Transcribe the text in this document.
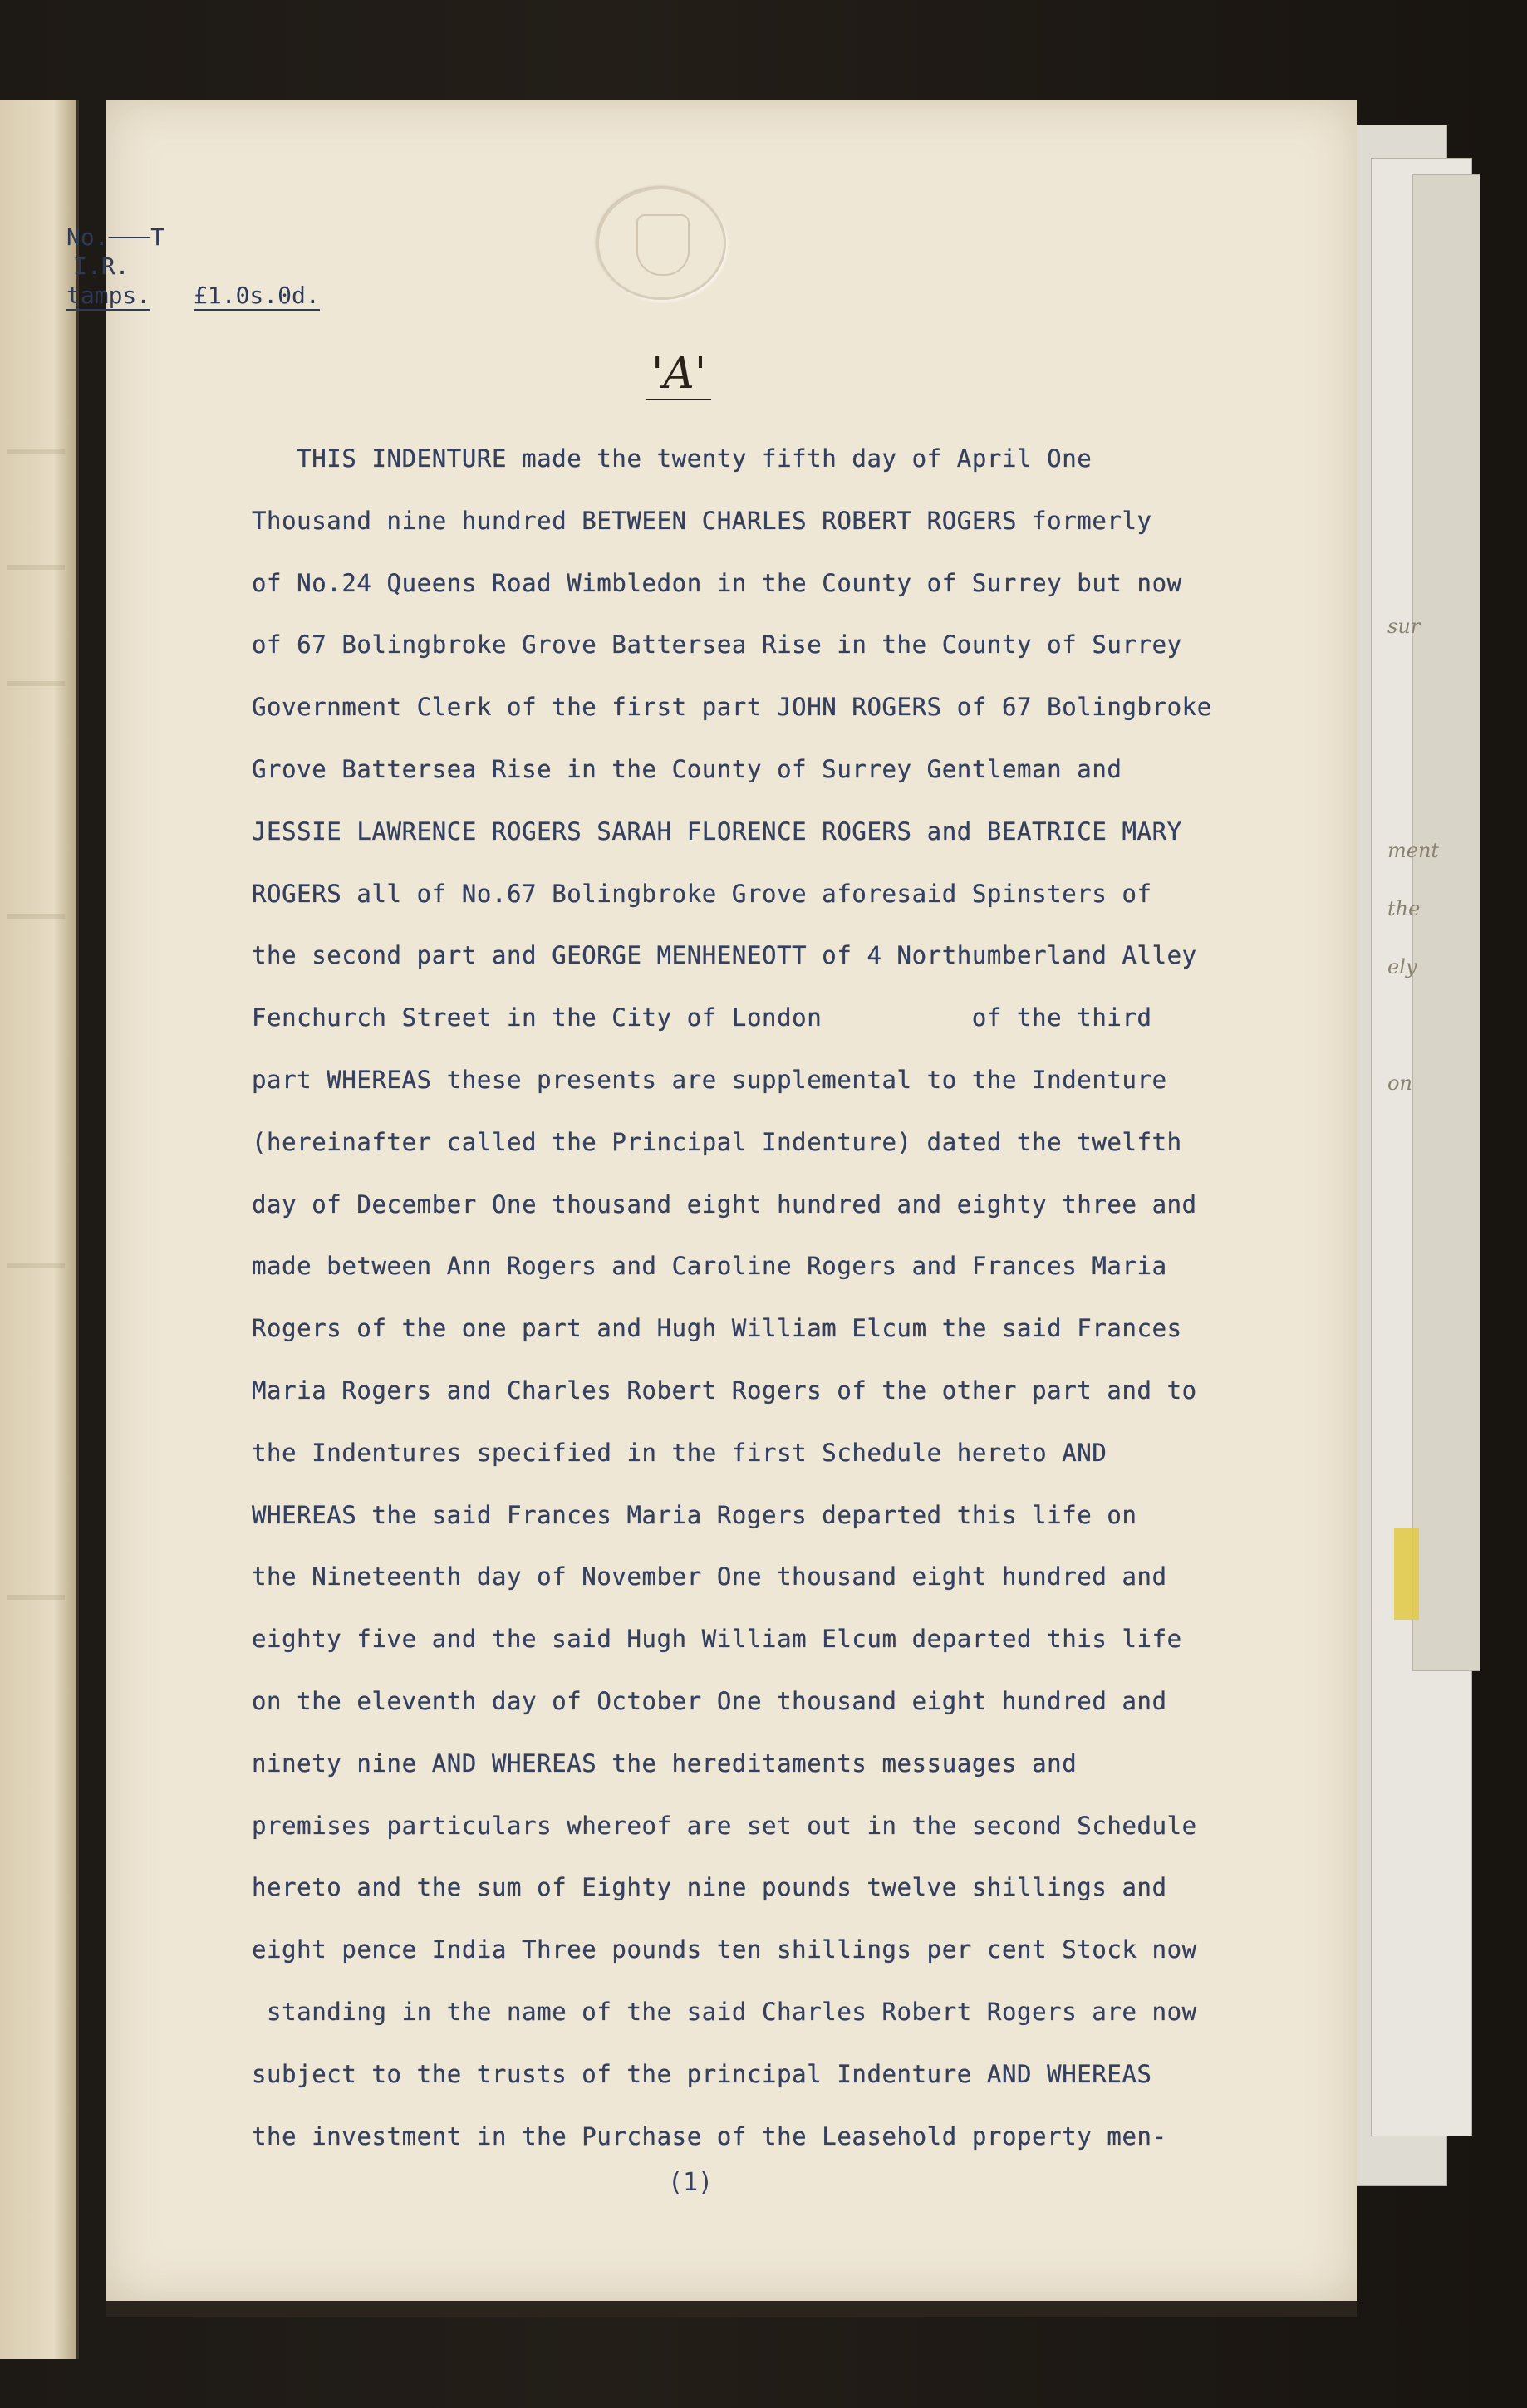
sur
ment
the
ely
on
No. T
I.R.
tamps. £1.0s.0d.
'A'
THIS INDENTURE made the twenty fifth day of April One
Thousand nine hundred BETWEEN CHARLES ROBERT ROGERS formerly
of No.24 Queens Road Wimbledon in the County of Surrey but now
of 67 Bolingbroke Grove Battersea Rise in the County of Surrey
Government Clerk of the first part JOHN ROGERS of 67 Bolingbroke
Grove Battersea Rise in the County of Surrey Gentleman and
JESSIE LAWRENCE ROGERS SARAH FLORENCE ROGERS and BEATRICE MARY
ROGERS all of No.67 Bolingbroke Grove aforesaid Spinsters of
the second part and GEORGE MENHENEOTT of 4 Northumberland Alley
Fenchurch Street in the City of London          of the third
part WHEREAS these presents are supplemental to the Indenture
(hereinafter called the Principal Indenture) dated the twelfth
day of December One thousand eight hundred and eighty three and
made between Ann Rogers and Caroline Rogers and Frances Maria
Rogers of the one part and Hugh William Elcum the said Frances
Maria Rogers and Charles Robert Rogers of the other part and to
the Indentures specified in the first Schedule hereto AND
WHEREAS the said Frances Maria Rogers departed this life on
the Nineteenth day of November One thousand eight hundred and
eighty five and the said Hugh William Elcum departed this life
on the eleventh day of October One thousand eight hundred and
ninety nine AND WHEREAS the hereditaments messuages and
premises particulars whereof are set out in the second Schedule
hereto and the sum of Eighty nine pounds twelve shillings and
eight pence India Three pounds ten shillings per cent Stock now
standing in the name of the said Charles Robert Rogers are now
subject to the trusts of the principal Indenture AND WHEREAS
the investment in the Purchase of the Leasehold property men-
(1)
